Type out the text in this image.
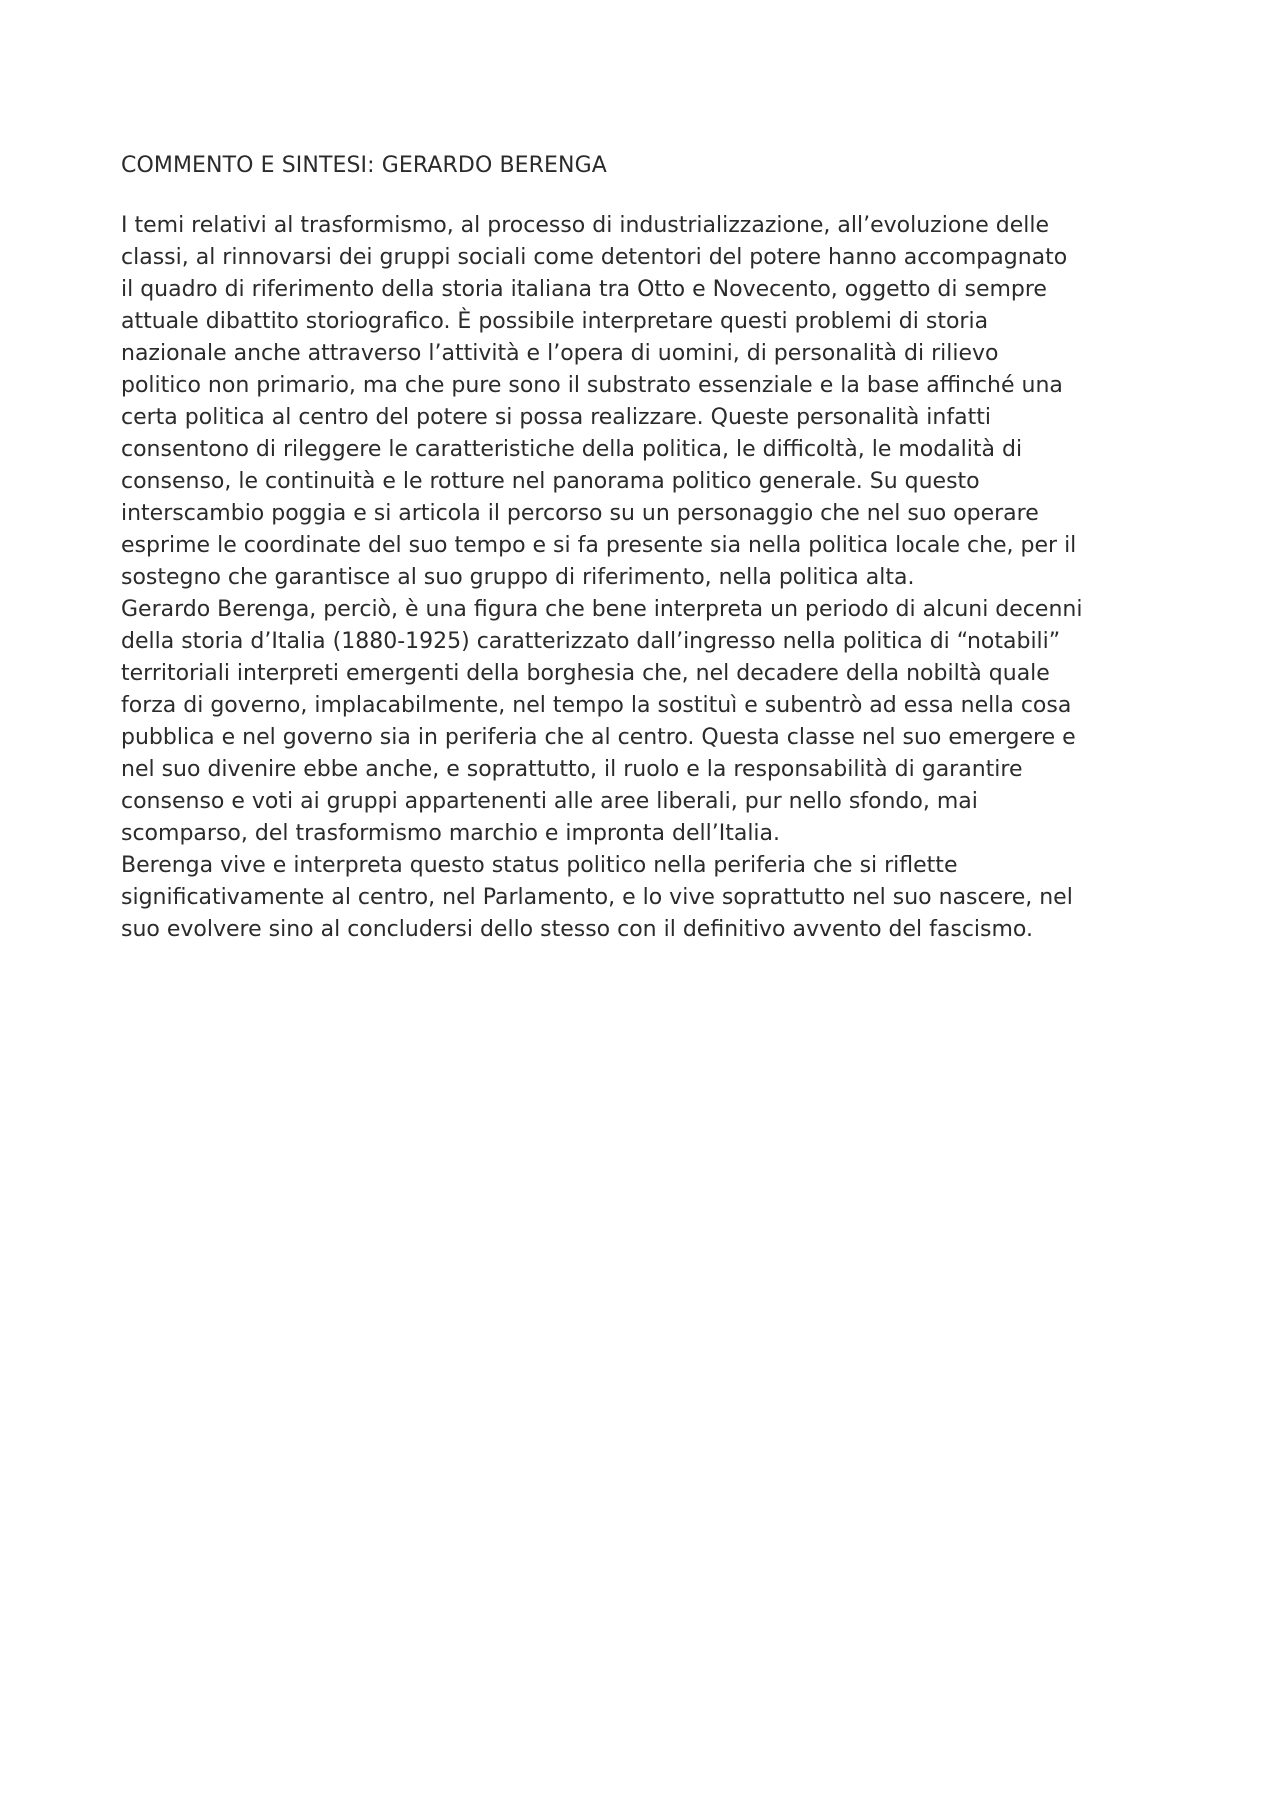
COMMENTO E SINTESI: GERARDO BERENGA

I temi relativi al trasformismo, al processo di industrializzazione, all’evoluzione delle
classi, al rinnovarsi dei gruppi sociali come detentori del potere hanno accompagnato
il quadro di riferimento della storia italiana tra Otto e Novecento, oggetto di sempre
attuale dibattito storiografico. È possibile interpretare questi problemi di storia
nazionale anche attraverso l’attività e l’opera di uomini, di personalità di rilievo
politico non primario, ma che pure sono il substrato essenziale e la base affinché una
certa politica al centro del potere si possa realizzare. Queste personalità infatti
consentono di rileggere le caratteristiche della politica, le difficoltà, le modalità di
consenso, le continuità e le rotture nel panorama politico generale. Su questo
interscambio poggia e si articola il percorso su un personaggio che nel suo operare
esprime le coordinate del suo tempo e si fa presente sia nella politica locale che, per il
sostegno che garantisce al suo gruppo di riferimento, nella politica alta.

Gerardo Berenga, perciò, è una figura che bene interpreta un periodo di alcuni decenni
della storia d’Italia (1880-1925) caratterizzato dall’ingresso nella politica di “notabili”
territoriali interpreti emergenti della borghesia che, nel decadere della nobiltà quale
forza di governo, implacabilmente, nel tempo la sostituì e subentrò ad essa nella cosa
pubblica e nel governo sia in periferia che al centro. Questa classe nel suo emergere e
nel suo divenire ebbe anche, e soprattutto, il ruolo e la responsabilità di garantire
consenso e voti ai gruppi appartenenti alle aree liberali, pur nello sfondo, mai
scomparso, del trasformismo marchio e impronta dell’Italia.

Berenga vive e interpreta questo status politico nella periferia che si riflette
significativamente al centro, nel Parlamento, e lo vive soprattutto nel suo nascere, nel
suo evolvere sino al concludersi dello stesso con il definitivo avvento del fascismo.
